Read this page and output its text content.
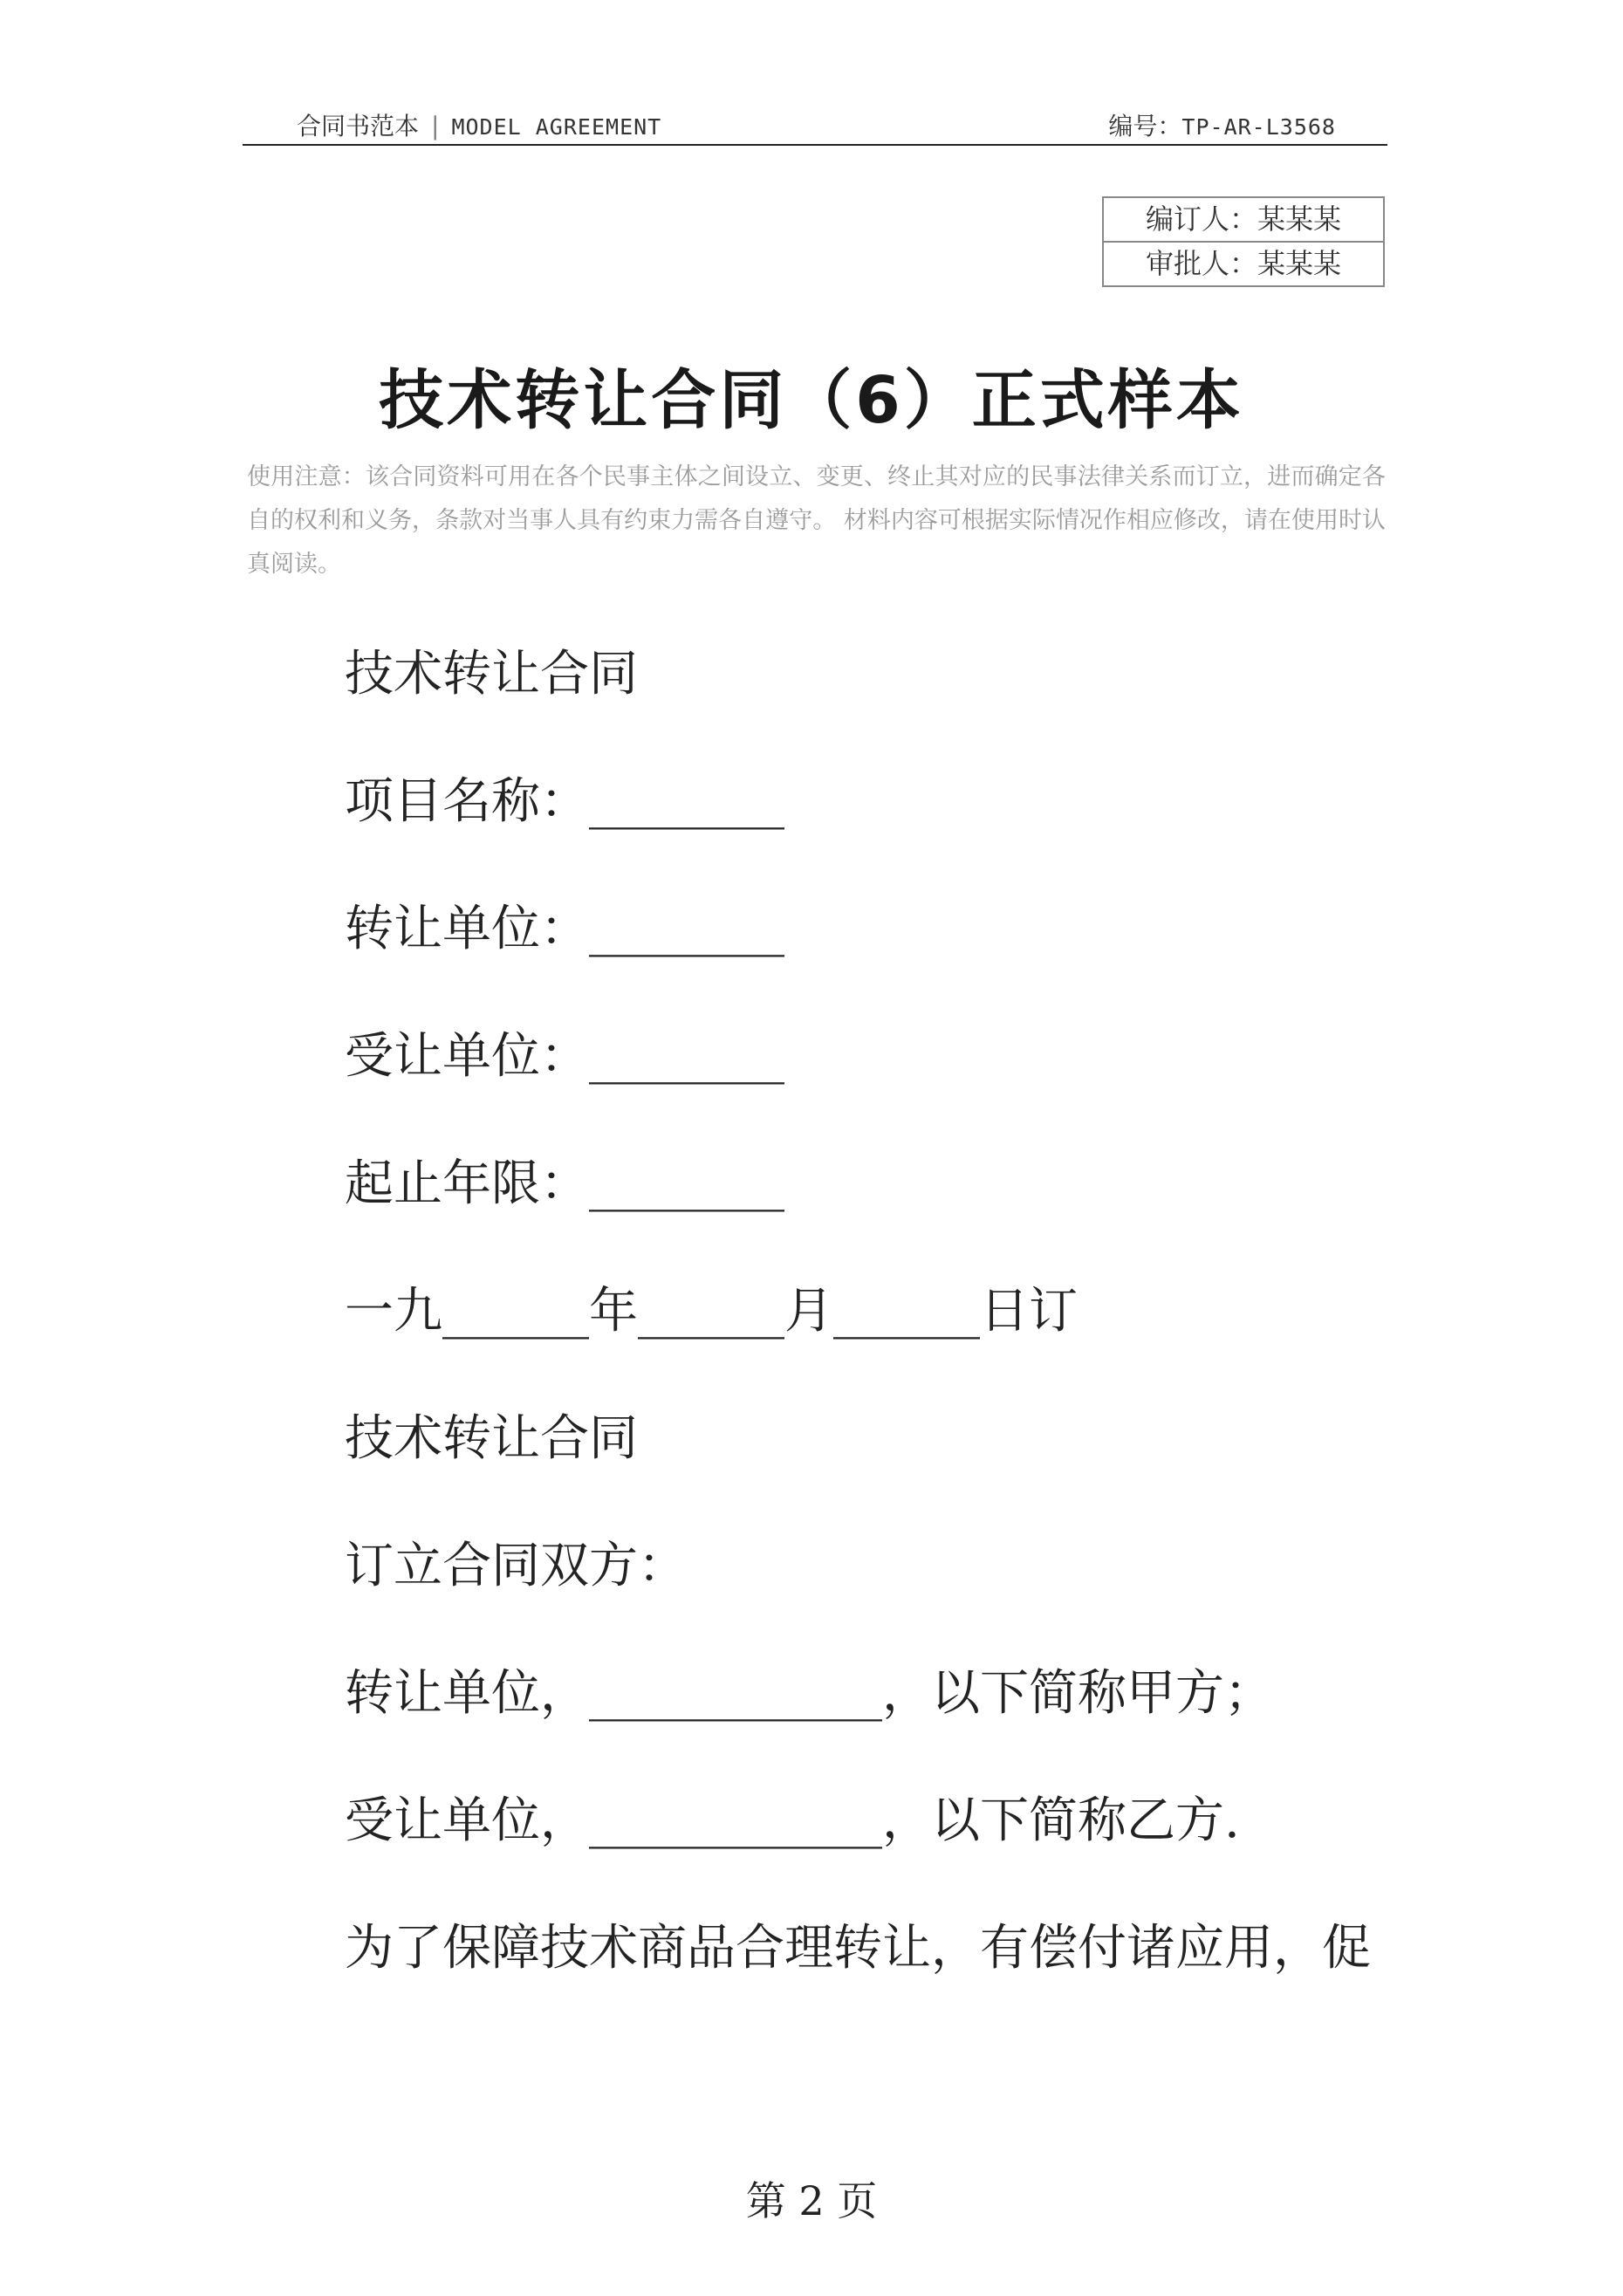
合同书范本 | MODEL AGREEMENT	编号：TP-AR-L3568
编订人：某某某
审批人：某某某
技术转让合同（6）正式样本
使用注意：该合同资料可用在各个民事主体之间设立、变更、终止其对应的民事法律关系而订立，进而确定各自的权利和义务，条款对当事人具有约束力需各自遵守。 材料内容可根据实际情况作相应修改，请在使用时认真阅读。
技术转让合同
项目名称：________
转让单位：________
受让单位：________
起止年限：________
一九______年______月______日订
技术转让合同
订立合同双方：
转让单位，____________，以下简称甲方；
受让单位，____________，以下简称乙方.
为了保障技术商品合理转让，有偿付诸应用，促
第 2 页
